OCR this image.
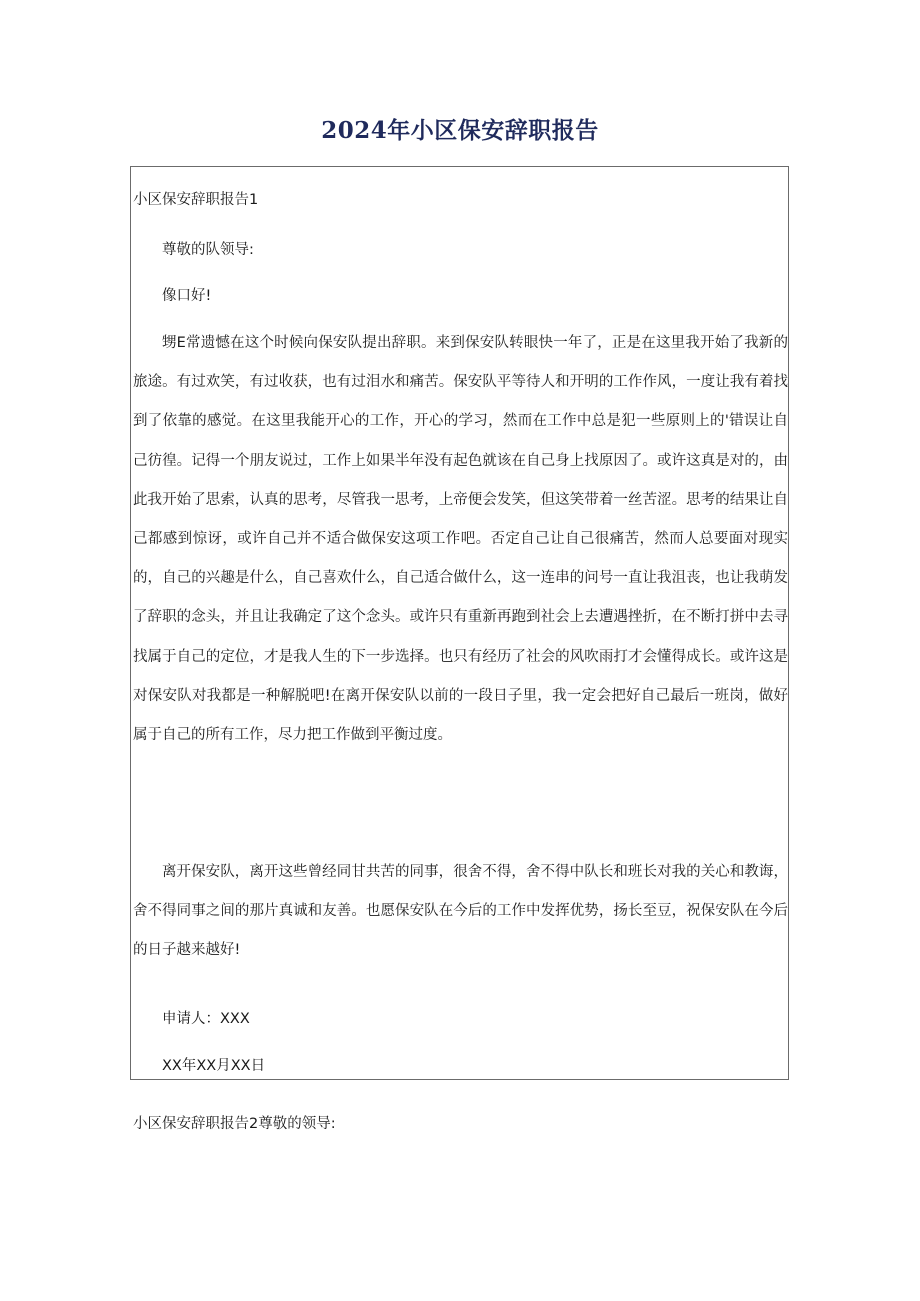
2024年小区保安辞职报告
小区保安辞职报告1
尊敬的队领导:
像口好!
甥E常遗憾在这个时候向保安队提出辞职。来到保安队转眼快一年了，正是在这里我开始了我新的旅途。有过欢笑，有过收获，也有过泪水和痛苦。保安队平等待人和开明的工作作风，一度让我有着找到了依靠的感觉。在这里我能开心的工作，开心的学习，然而在工作中总是犯一些原则上的'错误让自己彷徨。记得一个朋友说过，工作上如果半年没有起色就该在自己身上找原因了。或许这真是对的，由此我开始了思索，认真的思考，尽管我一思考，上帝便会发笑，但这笑带着一丝苦涩。思考的结果让自己都感到惊讶，或许自己并不适合做保安这项工作吧。否定自己让自己很痛苦，然而人总要面对现实的，自己的兴趣是什么，自己喜欢什么，自己适合做什么，这一连串的问号一直让我沮丧，也让我萌发了辞职的念头，并且让我确定了这个念头。或许只有重新再跑到社会上去遭遇挫折，在不断打拼中去寻找属于自己的定位，才是我人生的下一步选择。也只有经历了社会的风吹雨打才会懂得成长。或许这是对保安队对我都是一种解脱吧!在离开保安队以前的一段日子里，我一定会把好自己最后一班岗，做好属于自己的所有工作，尽力把工作做到平衡过度。
离开保安队，离开这些曾经同甘共苦的同事，很舍不得，舍不得中队长和班长对我的关心和教诲，舍不得同事之间的那片真诚和友善。也愿保安队在今后的工作中发挥优势，扬长至豆，祝保安队在今后的日子越来越好!
申请人：XXX
XX年XX月XX日
小区保安辞职报告2尊敬的领导:
